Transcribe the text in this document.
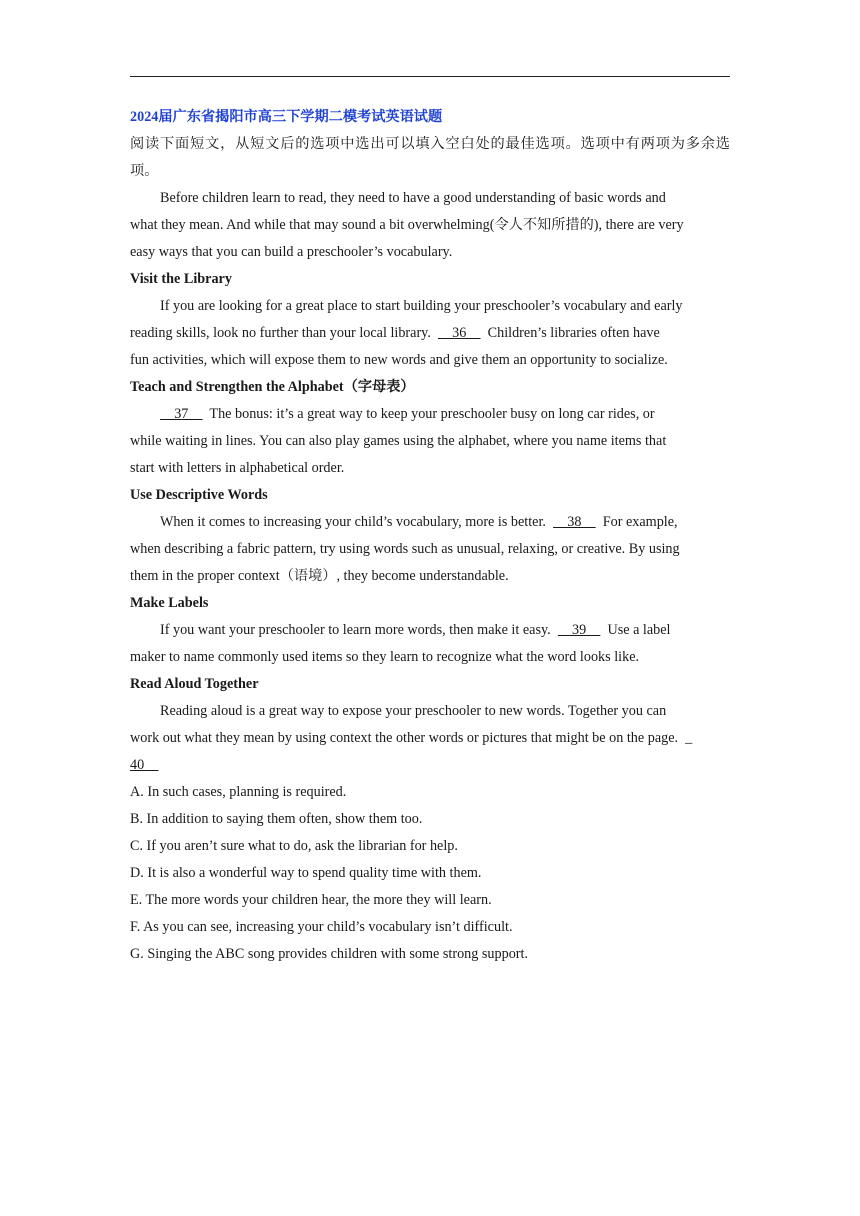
2024届广东省揭阳市高三下学期二模考试英语试题
阅读下面短文，从短文后的选项中选出可以填入空白处的最佳选项。选项中有两项为多余选
项。
Before children learn to read, they need to have a good understanding of basic words and
what they mean. And while that may sound a bit overwhelming(令人不知所措的), there are very
easy ways that you can build a preschooler’s vocabulary.
Visit the Library
If you are looking for a great place to start building your preschooler’s vocabulary and early
reading skills, look no further than your local library.      36      Children’s libraries often have
fun activities, which will expose them to new words and give them an opportunity to socialize.
Teach and Strengthen the Alphabet（字母表）
37      The bonus: it’s a great way to keep your preschooler busy on long car rides, or
while waiting in lines. You can also play games using the alphabet, where you name items that
start with letters in alphabetical order.
Use Descriptive Words
When it comes to increasing your child’s vocabulary, more is better.      38      For example,
when describing a fabric pattern, try using words such as unusual, relaxing, or creative. By using
them in the proper context（语境）, they become understandable.
Make Labels
If you want your preschooler to learn more words, then make it easy.      39      Use a label
maker to name commonly used items so they learn to recognize what the word looks like.
Read Aloud Together
Reading aloud is a great way to expose your preschooler to new words. Together you can
work out what they mean by using context the other words or pictures that might be on the page.  _
40
A. In such cases, planning is required.
B. In addition to saying them often, show them too.
C. If you aren’t sure what to do, ask the librarian for help.
D. It is also a wonderful way to spend quality time with them.
E. The more words your children hear, the more they will learn.
F. As you can see, increasing your child’s vocabulary isn’t difficult.
G. Singing the ABC song provides children with some strong support.
